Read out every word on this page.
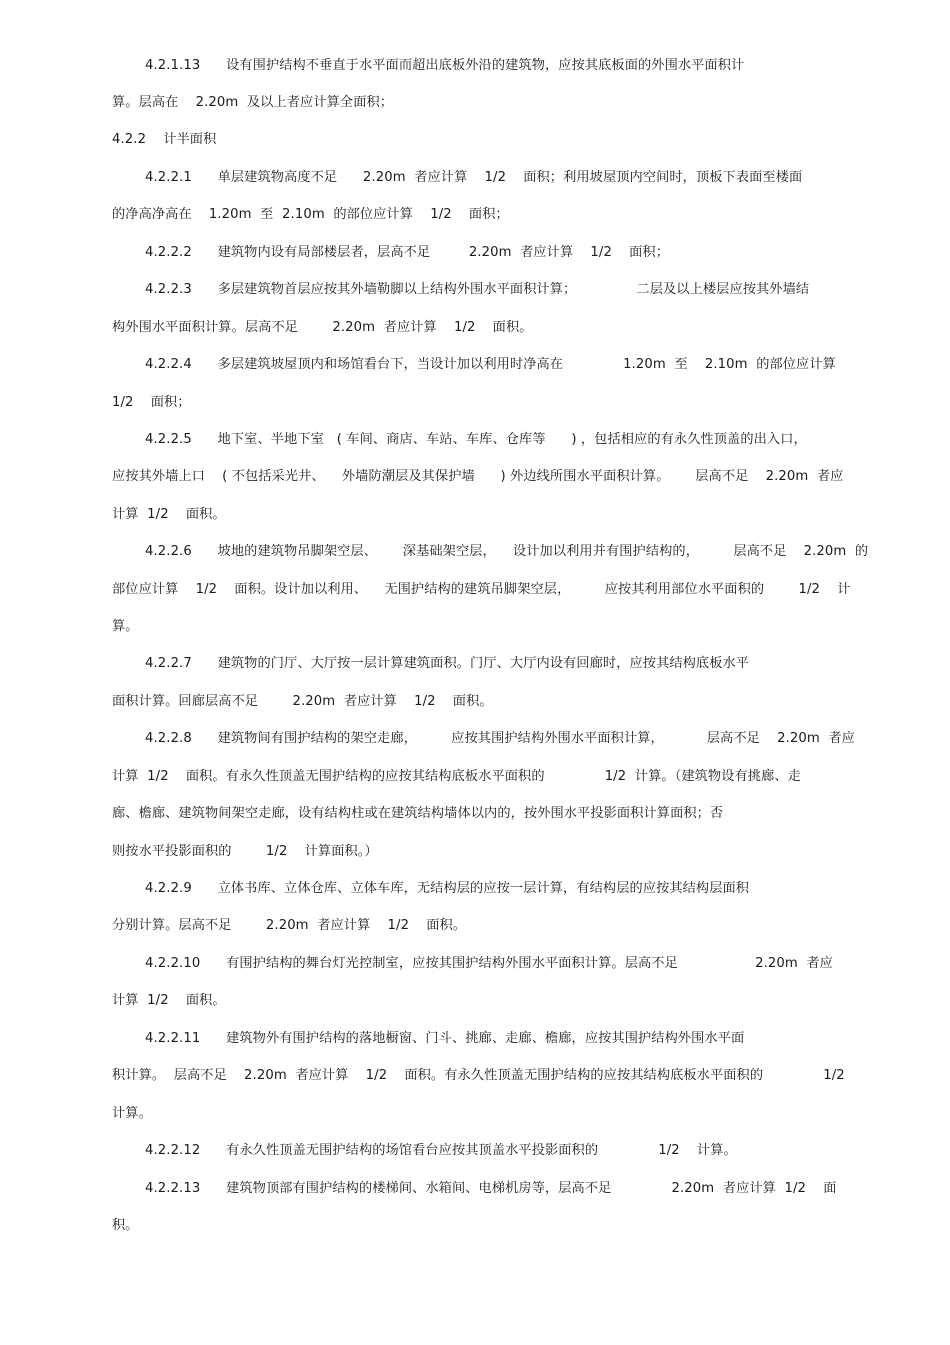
4.2.1.13      设有围护结构不垂直于水平面而超出底板外沿的建筑物，应按其底板面的外围水平面积计
算。层高在    2.20m  及以上者应计算全面积；
4.2.2    计半面积
4.2.2.1      单层建筑物高度不足      2.20m  者应计算    1/2    面积；利用坡屋顶内空间时，顶板下表面至楼面
的净高净高在    1.20m  至  2.10m  的部位应计算    1/2    面积；
4.2.2.2      建筑物内设有局部楼层者，层高不足         2.20m  者应计算    1/2    面积；
4.2.2.3      多层建筑物首层应按其外墙勒脚以上结构外围水平面积计算；              二层及以上楼层应按其外墙结
构外围水平面积计算。层高不足        2.20m  者应计算    1/2    面积。
4.2.2.4      多层建筑坡屋顶内和场馆看台下，当设计加以利用时净高在              1.20m  至    2.10m  的部位应计算
1/2    面积；
4.2.2.5      地下室、半地下室   ( 车间、商店、车站、车库、仓库等      ) ，包括相应的有永久性顶盖的出入口，
应按其外墙上口    ( 不包括采光井、    外墙防潮层及其保护墙      ) 外边线所围水平面积计算。      层高不足    2.20m  者应
计算  1/2    面积。
4.2.2.6      坡地的建筑物吊脚架空层、      深基础架空层，    设计加以利用并有围护结构的，        层高不足    2.20m  的
部位应计算    1/2    面积。设计加以利用、    无围护结构的建筑吊脚架空层，        应按其利用部位水平面积的        1/2    计
算。
4.2.2.7      建筑物的门厅、大厅按一层计算建筑面积。门厅、大厅内设有回廊时，应按其结构底板水平
面积计算。回廊层高不足        2.20m  者应计算    1/2    面积。
4.2.2.8      建筑物间有围护结构的架空走廊，        应按其围护结构外围水平面积计算，          层高不足    2.20m  者应
计算  1/2    面积。有永久性顶盖无围护结构的应按其结构底板水平面积的              1/2  计算。（建筑物设有挑廊、走
廊、檐廊、建筑物间架空走廊，设有结构柱或在建筑结构墙体以内的，按外围水平投影面积计算面积；否
则按水平投影面积的        1/2    计算面积。）
4.2.2.9      立体书库、立体仓库、立体车库，无结构层的应按一层计算，有结构层的应按其结构层面积
分别计算。层高不足        2.20m  者应计算    1/2    面积。
4.2.2.10      有围护结构的舞台灯光控制室，应按其围护结构外围水平面积计算。层高不足                  2.20m  者应
计算  1/2    面积。
4.2.2.11      建筑物外有围护结构的落地橱窗、门斗、挑廊、走廊、檐廊，应按其围护结构外围水平面
积计算。  层高不足    2.20m  者应计算    1/2    面积。有永久性顶盖无围护结构的应按其结构底板水平面积的              1/2
计算。
4.2.2.12      有永久性顶盖无围护结构的场馆看台应按其顶盖水平投影面积的              1/2    计算。
4.2.2.13      建筑物顶部有围护结构的楼梯间、水箱间、电梯机房等，层高不足              2.20m  者应计算  1/2    面
积。
